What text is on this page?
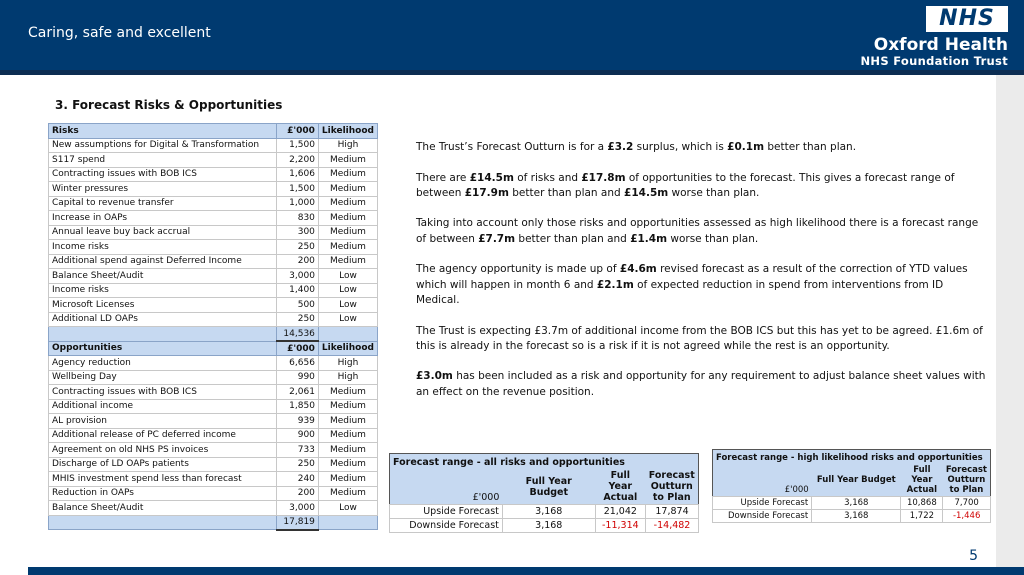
Caring, safe and excellent
NHS
Oxford Health
NHS Foundation Trust
3. Forecast Risks & Opportunities
Risks	£'000	Likelihood
New assumptions for Digital & Transformation	1,500	High
S117 spend	2,200	Medium
Contracting issues with BOB ICS	1,606	Medium
Winter pressures	1,500	Medium
Capital to revenue transfer	1,000	Medium
Increase in OAPs	830	Medium
Annual leave buy back accrual	300	Medium
Income risks	250	Medium
Additional spend against Deferred Income	200	Medium
Balance Sheet/Audit	3,000	Low
Income risks	1,400	Low
Microsoft Licenses	500	Low
Additional LD OAPs	250	Low
	14,536	
Opportunities	£'000	Likelihood
Agency reduction	6,656	High
Wellbeing Day	990	High
Contracting issues with BOB ICS	2,061	Medium
Additional income	1,850	Medium
AL provision	939	Medium
Additional release of PC deferred income	900	Medium
Agreement on old NHS PS invoices	733	Medium
Discharge of LD OAPs patients	250	Medium
MHIS investment spend less than forecast	240	Medium
Reduction in OAPs	200	Medium
Balance Sheet/Audit	3,000	Low
	17,819	

The Trust’s Forecast Outturn is for a £3.2 surplus, which is £0.1m better than plan.

There are £14.5m of risks and £17.8m of opportunities to the forecast. This gives a forecast range of between £17.9m better than plan and £14.5m worse than plan.

Taking into account only those risks and opportunities assessed as high likelihood there is a forecast range of between £7.7m better than plan and £1.4m worse than plan.

The agency opportunity is made up of £4.6m revised forecast as a result of the correction of YTD values which will happen in month 6 and £2.1m of expected reduction in spend from interventions from ID Medical.

The Trust is expecting £3.7m of additional income from the BOB ICS but this has yet to be agreed. £1.6m of this is already in the forecast so is a risk if it is not agreed while the rest is an opportunity.

£3.0m has been included as a risk and opportunity for any requirement to adjust balance sheet values with an effect on the revenue position.

Forecast range - all risks and opportunities			
£'000	Full Year Budget	Full Year Actual	Forecast Outturn to Plan
Upside Forecast	3,168	21,042	17,874
Downside Forecast	3,168	-11,314	-14,482
Forecast range - high likelihood risks and opportunities			
£'000	Full Year Budget	Full Year Actual	Forecast Outturn to Plan
Upside Forecast	3,168	10,868	7,700
Downside Forecast	3,168	1,722	-1,446
5
